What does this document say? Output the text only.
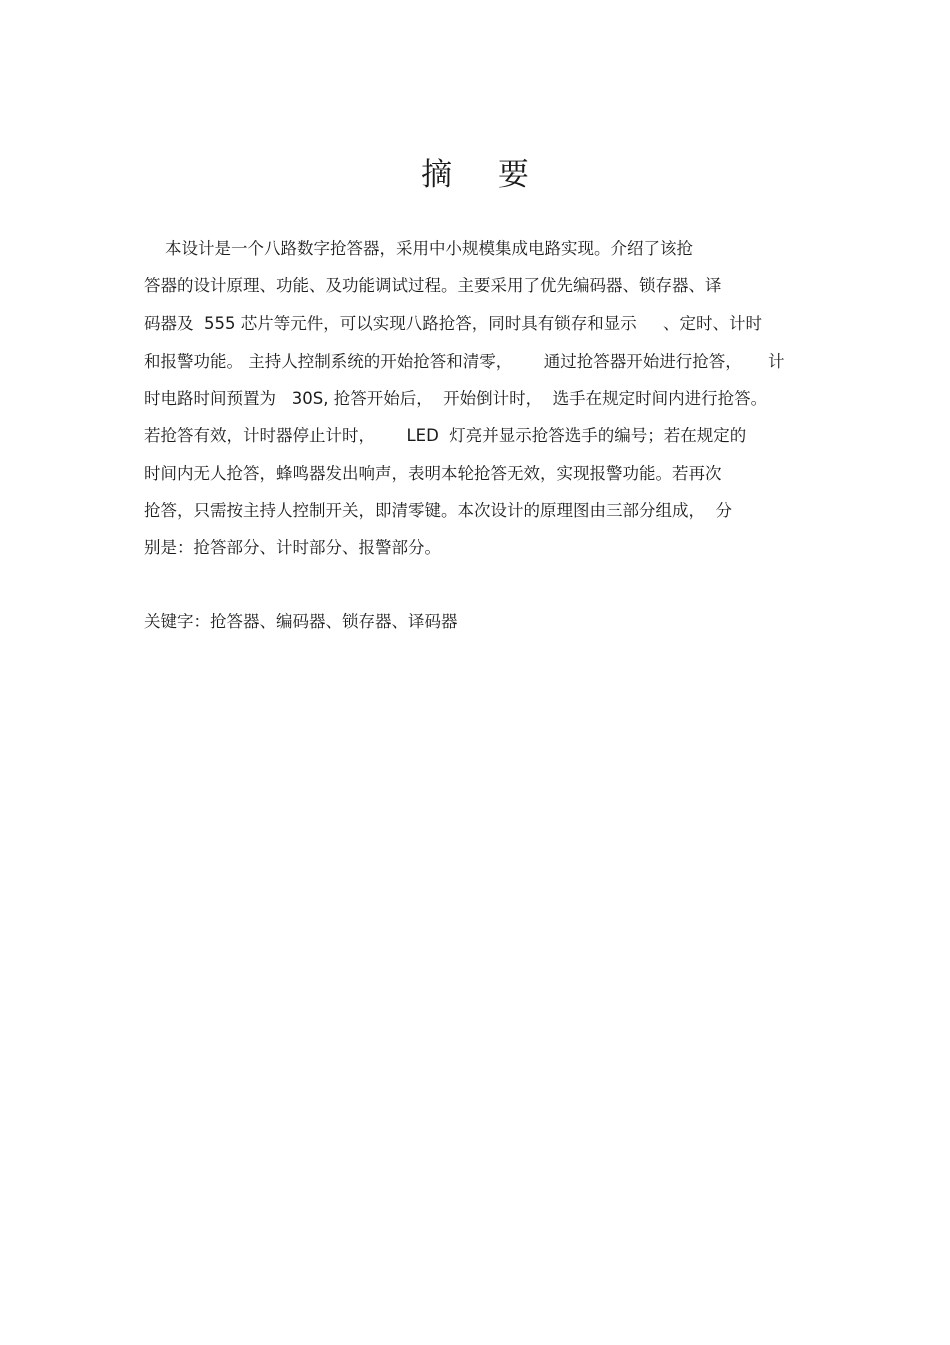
摘 要
本设计是一个八路数字抢答器，采用中小规模集成电路实现。介绍了该抢
答器的设计原理、功能、及功能调试过程。主要采用了优先编码器、锁存器、译
码器及  555 芯片等元件，可以实现八路抢答，同时具有锁存和显示     、定时、计时
和报警功能。 主持人控制系统的开始抢答和清零，      通过抢答器开始进行抢答，     计
时电路时间预置为   30S, 抢答开始后，  开始倒计时，  选手在规定时间内进行抢答。
若抢答有效，计时器停止计时，      LED  灯亮并显示抢答选手的编号；若在规定的
时间内无人抢答，蜂鸣器发出响声，表明本轮抢答无效，实现报警功能。若再次
抢答，只需按主持人控制开关，即清零键。本次设计的原理图由三部分组成，  分
别是：抢答部分、计时部分、报警部分。
关键字：抢答器、编码器、锁存器、译码器
